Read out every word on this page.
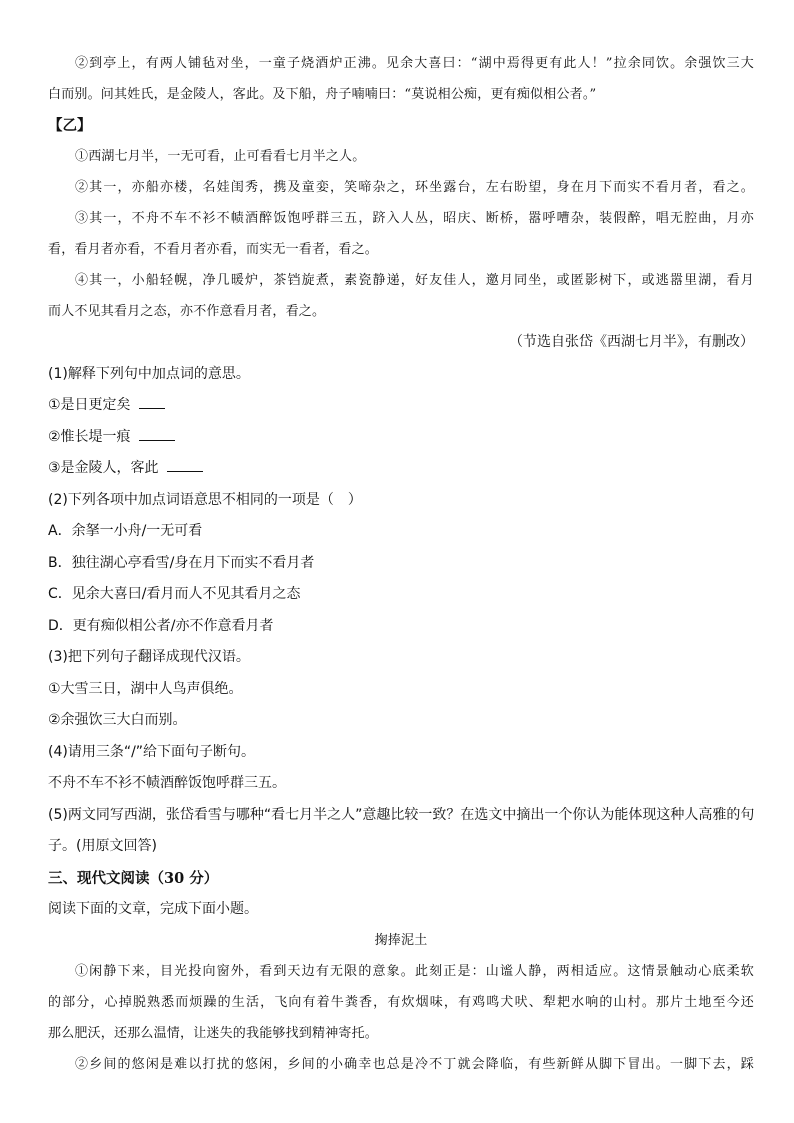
②到亭上，有两人铺毡对坐，一童子烧酒炉正沸。见余大喜曰：“湖中焉得更有此人！”拉余同饮。余强饮三大
白而别。问其姓氏，是金陵人，客此。及下船，舟子喃喃曰：“莫说相公痴，更有痴似相公者。”
【乙】
①西湖七月半，一无可看，止可看看七月半之人。
②其一，亦船亦楼，名娃闺秀，携及童娈，笑啼杂之，环坐露台，左右盼望，身在月下而实不看月者，看之。
③其一，不舟不车不衫不帻酒醉饭饱呼群三五，跻入人丛，昭庆、断桥，嚣呼嘈杂，装假醉，唱无腔曲，月亦
看，看月者亦看，不看月者亦看，而实无一看者，看之。
④其一，小船轻幌，净几暖炉，茶铛旋煮，素瓷静递，好友佳人，邀月同坐，或匿影树下，或逃嚣里湖，看月
而人不见其看月之态，亦不作意看月者，看之。
（节选自张岱《西湖七月半》，有删改）
(1)解释下列句中加点词的意思。
①是日更定矣
②惟长堤一痕
③是金陵人，客此
(2)下列各项中加点词语意思不相同的一项是（　）
A．余拏一小舟/一无可看
B．独往湖心亭看雪/身在月下而实不看月者
C．见余大喜曰/看月而人不见其看月之态
D．更有痴似相公者/亦不作意看月者
(3)把下列句子翻译成现代汉语。
①大雪三日，湖中人鸟声俱绝。
②余强饮三大白而别。
(4)请用三条“/”给下面句子断句。
不舟不车不衫不帻酒醉饭饱呼群三五。
(5)两文同写西湖，张岱看雪与哪种“看七月半之人”意趣比较一致？在选文中摘出一个你认为能体现这种人高雅的句
子。(用原文回答)
三、现代文阅读（30 分）
阅读下面的文章，完成下面小题。
掬捧泥土
①闲静下来，目光投向窗外，看到天边有无限的意象。此刻正是：山谧人静，两相适应。这情景触动心底柔软
的部分，心掉脱熟悉而烦躁的生活，飞向有着牛粪香，有炊烟味，有鸡鸣犬吠、犁耙水响的山村。那片土地至今还
那么肥沃，还那么温情，让迷失的我能够找到精神寄托。
②乡间的悠闲是难以打扰的悠闲，乡间的小确幸也总是冷不丁就会降临，有些新鲜从脚下冒出。一脚下去，踩
